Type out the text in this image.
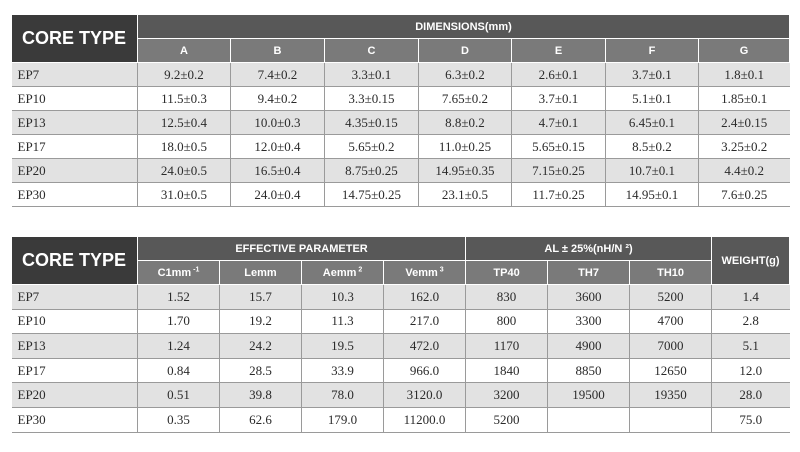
CORE TYPE	DIMENSIONS(mm)						
	A	B	C	D	E	F	G
EP7	9.2±0.2	7.4±0.2	3.3±0.1	6.3±0.2	2.6±0.1	3.7±0.1	1.8±0.1
EP10	11.5±0.3	9.4±0.2	3.3±0.15	7.65±0.2	3.7±0.1	5.1±0.1	1.85±0.1
EP13	12.5±0.4	10.0±0.3	4.35±0.15	8.8±0.2	4.7±0.1	6.45±0.1	2.4±0.15
EP17	18.0±0.5	12.0±0.4	5.65±0.2	11.0±0.25	5.65±0.15	8.5±0.2	3.25±0.2
EP20	24.0±0.5	16.5±0.4	8.75±0.25	14.95±0.35	7.15±0.25	10.7±0.1	4.4±0.2
EP30	31.0±0.5	24.0±0.4	14.75±0.25	23.1±0.5	11.7±0.25	14.95±0.1	7.6±0.25
CORE TYPE	EFFECTIVE PARAMETER				AL ± 25%(nH/N ²)			WEIGHT(g)
	C1mm $^{-1}$	Lemm	Aemm $^2$	Vemm $^3$	TP40	TH7	TH10	
EP7	1.52	15.7	10.3	162.0	830	3600	5200	1.4
EP10	1.70	19.2	11.3	217.0	800	3300	4700	2.8
EP13	1.24	24.2	19.5	472.0	1170	4900	7000	5.1
EP17	0.84	28.5	33.9	966.0	1840	8850	12650	12.0
EP20	0.51	39.8	78.0	3120.0	3200	19500	19350	28.0
EP30	0.35	62.6	179.0	11200.0	5200			75.0
